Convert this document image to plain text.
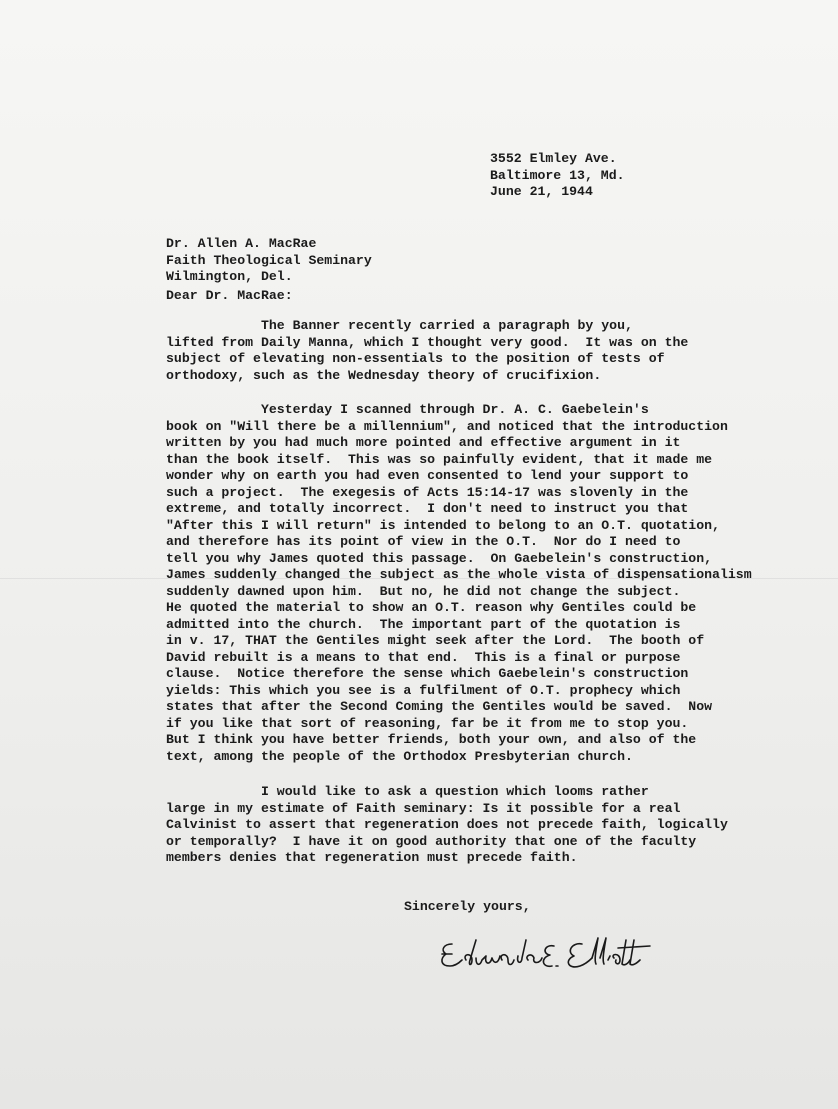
3552 Elmley Ave.
Baltimore 13, Md.
June 21, 1944
Dr. Allen A. MacRae
Faith Theological Seminary
Wilmington, Del.
Dear Dr. MacRae:
The Banner recently carried a paragraph by you,
lifted from Daily Manna, which I thought very good.  It was on the
subject of elevating non-essentials to the position of tests of
orthodoxy, such as the Wednesday theory of crucifixion.
Yesterday I scanned through Dr. A. C. Gaebelein's
book on "Will there be a millennium", and noticed that the introduction
written by you had much more pointed and effective argument in it
than the book itself.  This was so painfully evident, that it made me
wonder why on earth you had even consented to lend your support to
such a project.  The exegesis of Acts 15:14-17 was slovenly in the
extreme, and totally incorrect.  I don't need to instruct you that
"After this I will return" is intended to belong to an O.T. quotation,
and therefore has its point of view in the O.T.  Nor do I need to
tell you why James quoted this passage.  On Gaebelein's construction,
James suddenly changed the subject as the whole vista of dispensationalism
suddenly dawned upon him.  But no, he did not change the subject.
He quoted the material to show an O.T. reason why Gentiles could be
admitted into the church.  The important part of the quotation is
in v. 17, THAT the Gentiles might seek after the Lord.  The booth of
David rebuilt is a means to that end.  This is a final or purpose
clause.  Notice therefore the sense which Gaebelein's construction
yields: This which you see is a fulfilment of O.T. prophecy which
states that after the Second Coming the Gentiles would be saved.  Now
if you like that sort of reasoning, far be it from me to stop you.
But I think you have better friends, both your own, and also of the
text, among the people of the Orthodox Presbyterian church.
I would like to ask a question which looms rather
large in my estimate of Faith seminary: Is it possible for a real
Calvinist to assert that regeneration does not precede faith, logically
or temporally?  I have it on good authority that one of the faculty
members denies that regeneration must precede faith.
Sincerely yours,
